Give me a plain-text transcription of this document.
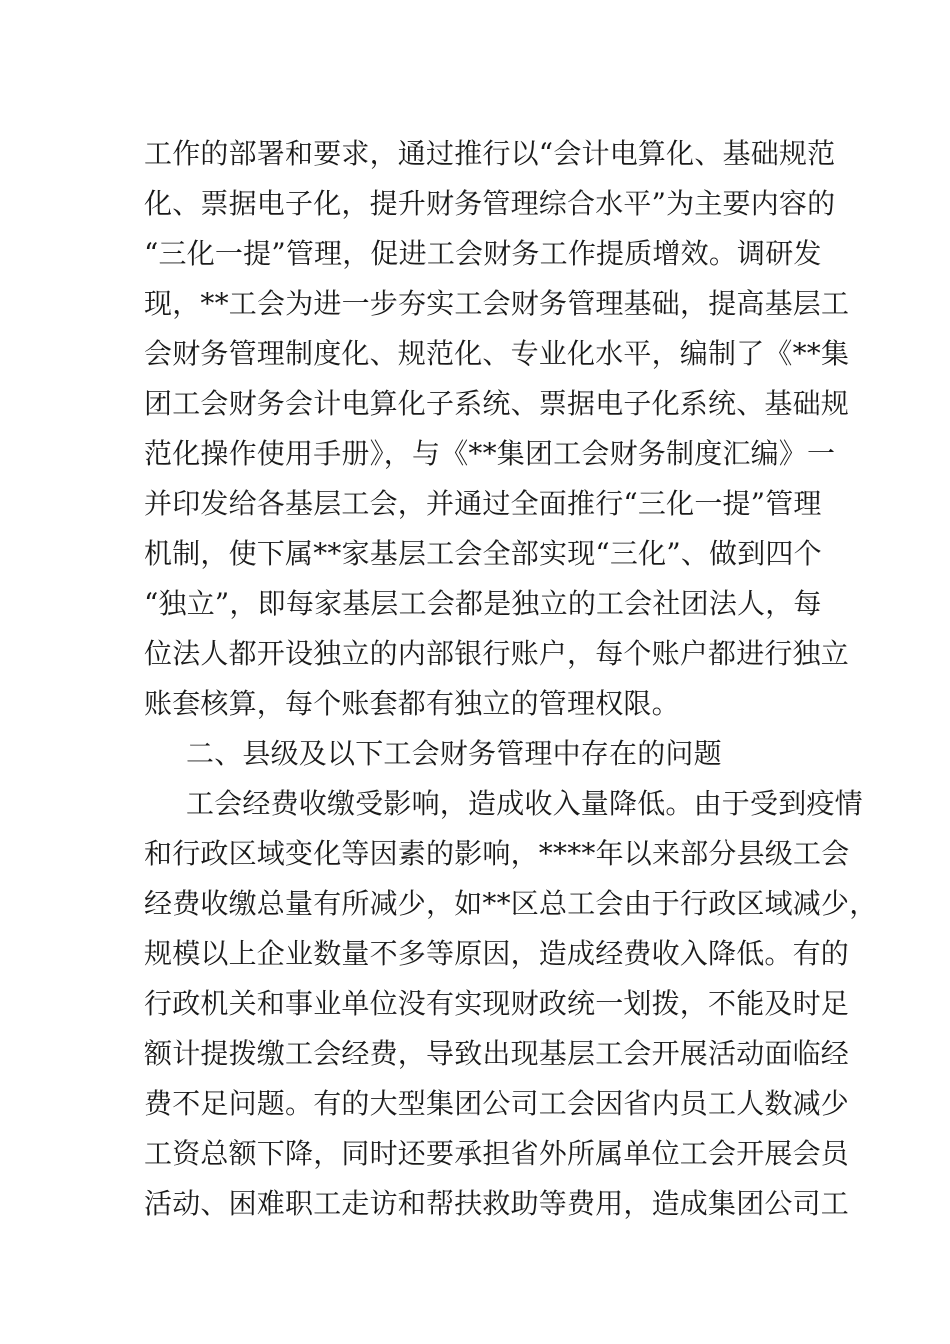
工作的部署和要求，通过推行以“会计电算化、基础规范
化、票据电子化，提升财务管理综合水平”为主要内容的
“三化一提”管理，促进工会财务工作提质增效。调研发
现，**工会为进一步夯实工会财务管理基础，提高基层工
会财务管理制度化、规范化、专业化水平，编制了《**集
团工会财务会计电算化子系统、票据电子化系统、基础规
范化操作使用手册》，与《**集团工会财务制度汇编》一
并印发给各基层工会，并通过全面推行“三化一提”管理
机制，使下属**家基层工会全部实现“三化”、做到四个
“独立”，即每家基层工会都是独立的工会社团法人，每
位法人都开设独立的内部银行账户，每个账户都进行独立
账套核算，每个账套都有独立的管理权限。
二、县级及以下工会财务管理中存在的问题
工会经费收缴受影响，造成收入量降低。由于受到疫情
和行政区域变化等因素的影响，****年以来部分县级工会
经费收缴总量有所减少，如**区总工会由于行政区域减少，
规模以上企业数量不多等原因，造成经费收入降低。有的
行政机关和事业单位没有实现财政统一划拨，不能及时足
额计提拨缴工会经费，导致出现基层工会开展活动面临经
费不足问题。有的大型集团公司工会因省内员工人数减少
工资总额下降，同时还要承担省外所属单位工会开展会员
活动、困难职工走访和帮扶救助等费用，造成集团公司工
